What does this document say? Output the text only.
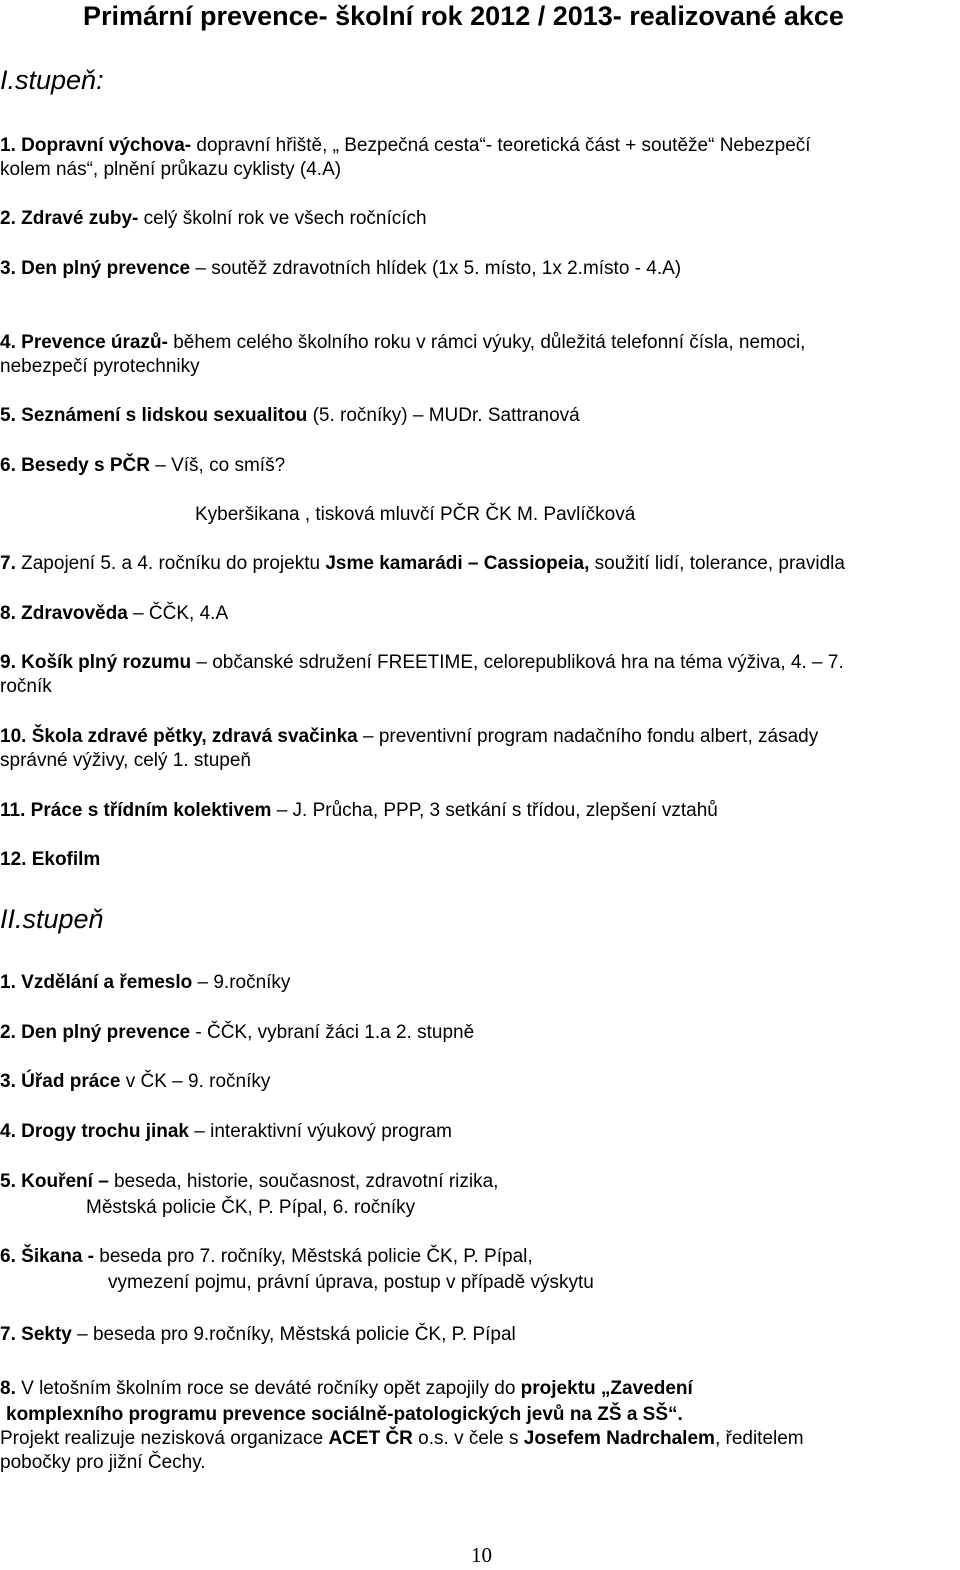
Primární prevence- školní rok 2012 / 2013- realizované akce
I.stupeň:
1. Dopravní výchova- dopravní hřiště, „ Bezpečná cesta“- teoretická část + soutěže“ Nebezpečí
kolem nás“, plnění průkazu cyklisty (4.A)
2. Zdravé zuby- celý školní rok ve všech ročnících
3. Den plný prevence – soutěž zdravotních hlídek (1x 5. místo, 1x 2.místo - 4.A)
4. Prevence úrazů- během celého školního roku v rámci výuky, důležitá telefonní čísla, nemoci,
nebezpečí pyrotechniky
5. Seznámení s lidskou sexualitou (5. ročníky) – MUDr. Sattranová
6. Besedy s PČR – Víš, co smíš?
Kyberšikana , tisková mluvčí PČR ČK M. Pavlíčková
7. Zapojení 5. a 4. ročníku do projektu Jsme kamarádi – Cassiopeia, soužití lidí, tolerance, pravidla
8. Zdravověda – ČČK, 4.A
9. Košík plný rozumu – občanské sdružení FREETIME, celorepubliková hra na téma výživa, 4. – 7.
ročník
10. Škola zdravé pětky, zdravá svačinka – preventivní program nadačního fondu albert, zásady
správné výživy, celý 1. stupeň
11. Práce s třídním kolektivem – J. Průcha, PPP, 3 setkání s třídou, zlepšení vztahů
12. Ekofilm
II.stupeň
1. Vzdělání a řemeslo – 9.ročníky
2. Den plný prevence - ČČK, vybraní žáci 1.a 2. stupně
3. Úřad práce v ČK – 9. ročníky
4. Drogy trochu jinak – interaktivní výukový program
5. Kouření – beseda, historie, současnost, zdravotní rizika,
Městská policie ČK, P. Pípal, 6. ročníky
6. Šikana - beseda pro 7. ročníky, Městská policie ČK, P. Pípal,
vymezení pojmu, právní úprava, postup v případě výskytu
7. Sekty – beseda pro 9.ročníky, Městská policie ČK, P. Pípal
8. V letošním školním roce se deváté ročníky opět zapojily do projektu „Zavedení
komplexního programu prevence sociálně-patologických jevů na ZŠ a SŠ“.
Projekt realizuje nezisková organizace ACET ČR o.s. v čele s Josefem Nadrchalem, ředitelem
pobočky pro jižní Čechy.
10
